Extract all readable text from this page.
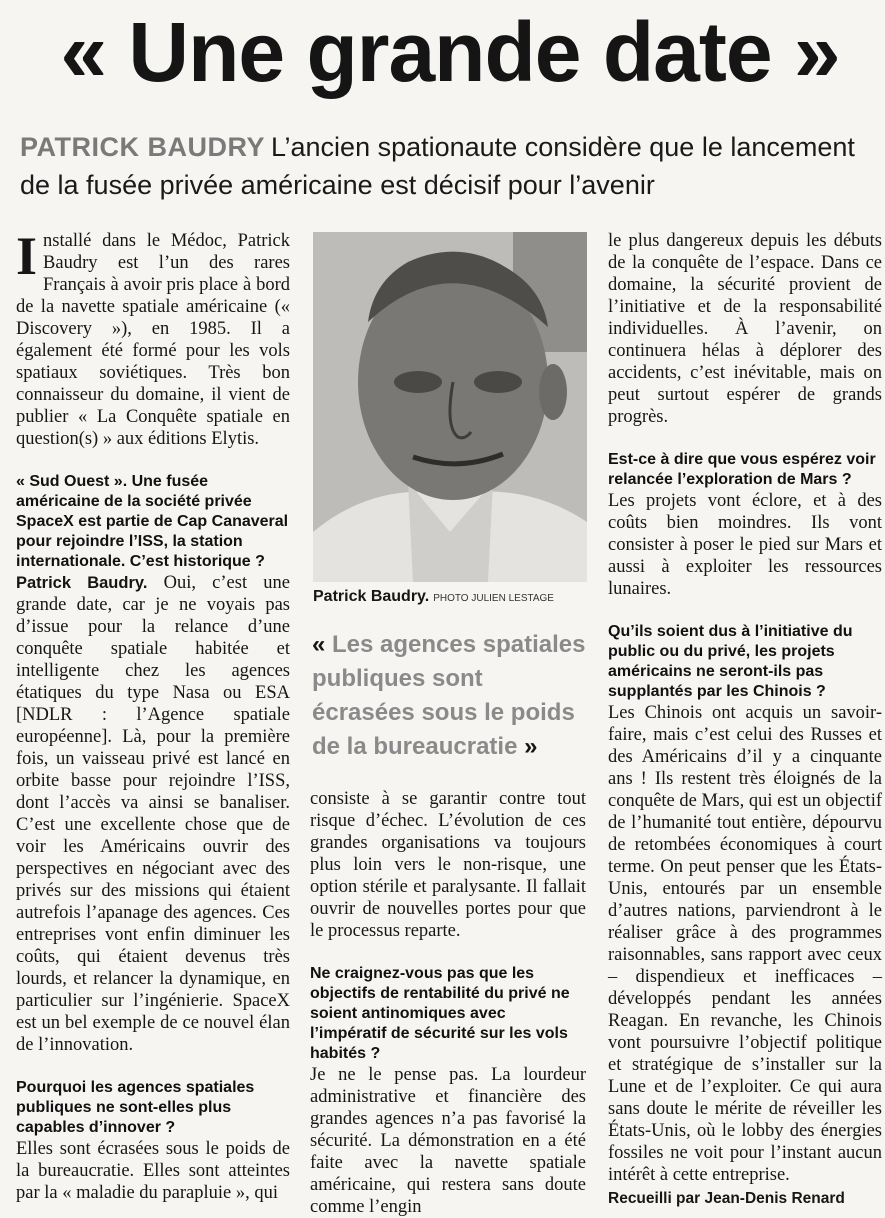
« Une grande date »

PATRICK BAUDRY L’ancien spationaute considère que le lancement de la fusée privée américaine est décisif pour l’avenir

Installé dans le Médoc, Patrick Baudry est l’un des rares Français à avoir pris place à bord de la navette spatiale américaine (« Discovery »), en 1985. Il a également été formé pour les vols spatiaux soviétiques. Très bon connaisseur du domaine, il vient de publier « La Conquête spatiale en question(s) » aux éditions Elytis.

« Sud Ouest ». Une fusée américaine de la société privée SpaceX est partie de Cap Canaveral pour rejoindre l’ISS, la station internationale. C’est historique ?

Patrick Baudry. Oui, c’est une grande date, car je ne voyais pas d’issue pour la relance d’une conquête spatiale habitée et intelligente chez les agences étatiques du type Nasa ou ESA [NDLR : l’Agence spatiale européenne]. Là, pour la première fois, un vaisseau privé est lancé en orbite basse pour rejoindre l’ISS, dont l’accès va ainsi se banaliser. C’est une excellente chose que de voir les Américains ouvrir des perspectives en négociant avec des privés sur des missions qui étaient autrefois l’apanage des agences. Ces entreprises vont enfin diminuer les coûts, qui étaient devenus très lourds, et relancer la dynamique, en particulier sur l’ingénierie. SpaceX est un bel exemple de ce nouvel élan de l’innovation.

Pourquoi les agences spatiales publiques ne sont-elles plus capables d’innover ?

Elles sont écrasées sous le poids de la bureaucratie. Elles sont atteintes par la « maladie du parapluie », qui

Patrick Baudry. PHOTO JULIEN LESTAGE

« Les agences spatiales publiques sont écrasées sous le poids de la bureaucratie »

consiste à se garantir contre tout risque d’échec. L’évolution de ces grandes organisations va toujours plus loin vers le non-risque, une option stérile et paralysante. Il fallait ouvrir de nouvelles portes pour que le processus reparte.

Ne craignez-vous pas que les objectifs de rentabilité du privé ne soient antinomiques avec l’impératif de sécurité sur les vols habités ?

Je ne le pense pas. La lourdeur administrative et financière des grandes agences n’a pas favorisé la sécurité. La démonstration en a été faite avec la navette spatiale américaine, qui restera sans doute comme l’engin

le plus dangereux depuis les débuts de la conquête de l’espace. Dans ce domaine, la sécurité provient de l’initiative et de la responsabilité individuelles. À l’avenir, on continuera hélas à déplorer des accidents, c’est inévitable, mais on peut surtout espérer de grands progrès.

Est-ce à dire que vous espérez voir relancée l’exploration de Mars ?

Les projets vont éclore, et à des coûts bien moindres. Ils vont consister à poser le pied sur Mars et aussi à exploiter les ressources lunaires.

Qu’ils soient dus à l’initiative du public ou du privé, les projets américains ne seront-ils pas supplantés par les Chinois ?

Les Chinois ont acquis un savoir-faire, mais c’est celui des Russes et des Américains d’il y a cinquante ans ! Ils restent très éloignés de la conquête de Mars, qui est un objectif de l’humanité tout entière, dépourvu de retombées économiques à court terme. On peut penser que les États-Unis, entourés par un ensemble d’autres nations, parviendront à le réaliser grâce à des programmes raisonnables, sans rapport avec ceux – dispendieux et inefficaces – développés pendant les années Reagan. En revanche, les Chinois vont poursuivre l’objectif politique et stratégique de s’installer sur la Lune et de l’exploiter. Ce qui aura sans doute le mérite de réveiller les États-Unis, où le lobby des énergies fossiles ne voit pour l’instant aucun intérêt à cette entreprise.

Recueilli par Jean-Denis Renard
